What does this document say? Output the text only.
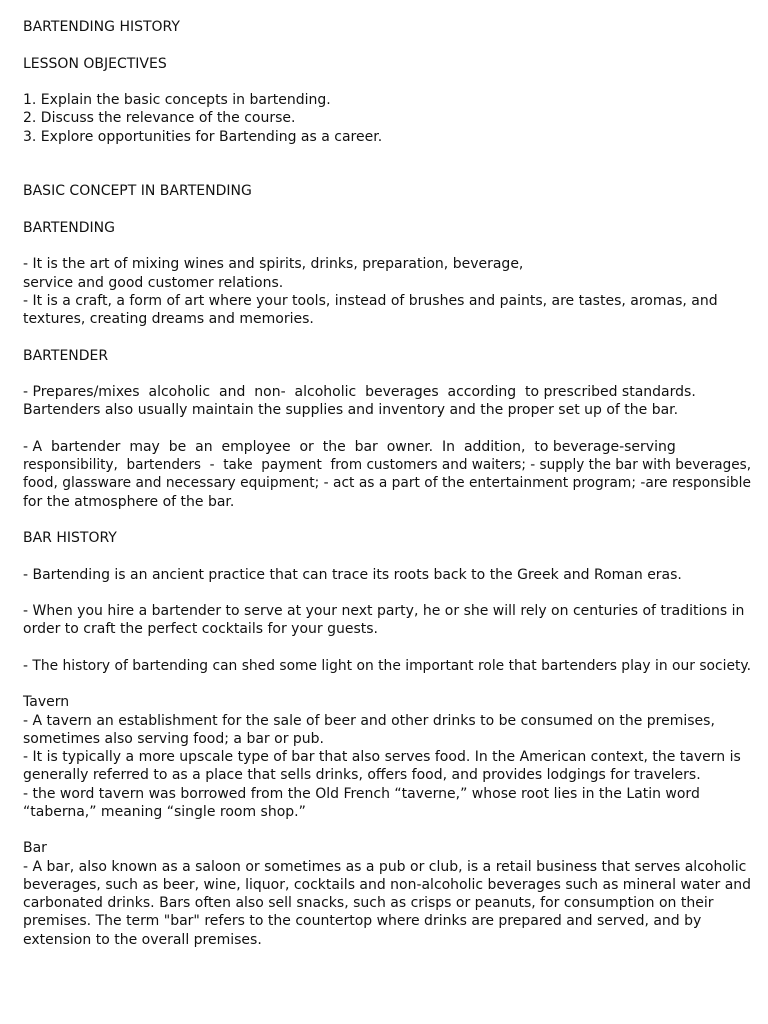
BARTENDING HISTORY
LESSON OBJECTIVES
1. Explain the basic concepts in bartending.
2. Discuss the relevance of the course.
3. Explore opportunities for Bartending as a career.
BASIC CONCEPT IN BARTENDING
BARTENDING
- It is the art of mixing wines and spirits, drinks, preparation, beverage,
service and good customer relations.
- It is a craft, a form of art where your tools, instead of brushes and paints, are tastes, aromas, and
textures, creating dreams and memories.
BARTENDER
- Prepares/mixes  alcoholic  and  non-  alcoholic  beverages  according  to prescribed standards.
Bartenders also usually maintain the supplies and inventory and the proper set up of the bar.
- A  bartender  may  be  an  employee  or  the  bar  owner.  In  addition,  to beverage-serving
responsibility,  bartenders  -  take  payment  from customers and waiters; - supply the bar with beverages,
food, glassware and necessary equipment; - act as a part of the entertainment program; -are responsible
for the atmosphere of the bar.
BAR HISTORY
- Bartending is an ancient practice that can trace its roots back to the Greek and Roman eras.
- When you hire a bartender to serve at your next party, he or she will rely on centuries of traditions in
order to craft the perfect cocktails for your guests.
- The history of bartending can shed some light on the important role that bartenders play in our society.
Tavern
- A tavern an establishment for the sale of beer and other drinks to be consumed on the premises,
sometimes also serving food; a bar or pub.
- It is typically a more upscale type of bar that also serves food. In the American context, the tavern is
generally referred to as a place that sells drinks, offers food, and provides lodgings for travelers.
- the word tavern was borrowed from the Old French “taverne,” whose root lies in the Latin word
“taberna,” meaning “single room shop.”
Bar
- A bar, also known as a saloon or sometimes as a pub or club, is a retail business that serves alcoholic
beverages, such as beer, wine, liquor, cocktails and non-alcoholic beverages such as mineral water and
carbonated drinks. Bars often also sell snacks, such as crisps or peanuts, for consumption on their
premises. The term "bar" refers to the countertop where drinks are prepared and served, and by
extension to the overall premises.
